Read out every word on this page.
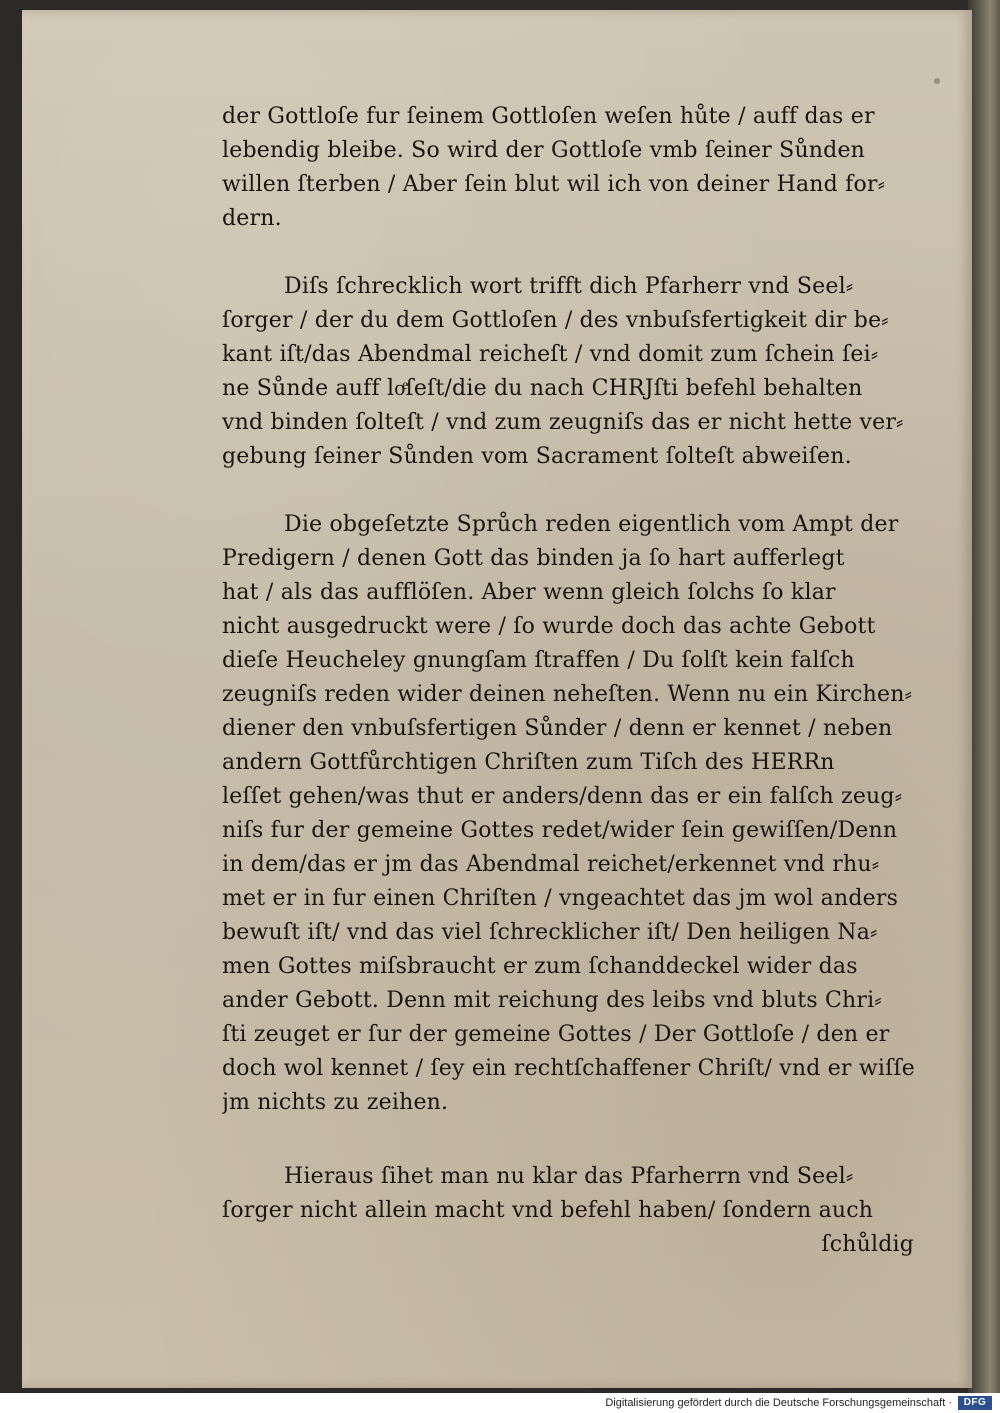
der Gottloſe fur ſeinem Gottloſen weſen hůte / auff das er
lebendig bleibe. So wird der Gottloſe vmb ſeiner Sůnden
willen ſterben / Aber ſein blut wil ich von deiner Hand for⸗
dern.
Diſs ſchrecklich wort trifft dich Pfarherr vnd Seel⸗
ſorger / der du dem Gottloſen / des vnbuſsfertigkeit dir be⸗
kant iſt/das Abendmal reicheſt / vnd domit zum ſchein ſei⸗
ne Sůnde auff loͤſeſt/die du nach CHRJſti befehl behalten
vnd binden ſolteſt / vnd zum zeugniſs das er nicht hette ver⸗
gebung ſeiner Sůnden vom Sacrament ſolteſt abweiſen.
Die obgeſetzte Sprůch reden eigentlich vom Ampt der
Predigern / denen Gott das binden ja ſo hart aufferlegt
hat / als das aufflöſen. Aber wenn gleich ſolchs ſo klar
nicht ausgedruckt were / ſo wurde doch das achte Gebott
dieſe Heucheley gnungſam ſtraffen / Du ſolſt kein falſch
zeugniſs reden wider deinen neheſten. Wenn nu ein Kirchen⸗
diener den vnbuſsfertigen Sůnder / denn er kennet / neben
andern Gottfůrchtigen Chriſten zum Tiſch des HERRn
leſſet gehen/was thut er anders/denn das er ein falſch zeug⸗
niſs fur der gemeine Gottes redet/wider ſein gewiſſen/Denn
in dem/das er jm das Abendmal reichet/erkennet vnd rhu⸗
met er in fur einen Chriſten / vngeachtet das jm wol anders
bewuſt iſt/ vnd das viel ſchrecklicher iſt/ Den heiligen Na⸗
men Gottes miſsbraucht er zum ſchanddeckel wider das
ander Gebott. Denn mit reichung des leibs vnd bluts Chri⸗
ſti zeuget er ſur der gemeine Gottes / Der Gottloſe / den er
doch wol kennet / ſey ein rechtſchaffener Chriſt/ vnd er wiſſe
jm nichts zu zeihen.
Hieraus ſihet man nu klar das Pfarherrn vnd Seel⸗
ſorger nicht allein macht vnd befehl haben/ ſondern auch
ſchůldig
Digitalisierung gefördert durch die Deutsche Forschungsgemeinschaft ·	DFG
